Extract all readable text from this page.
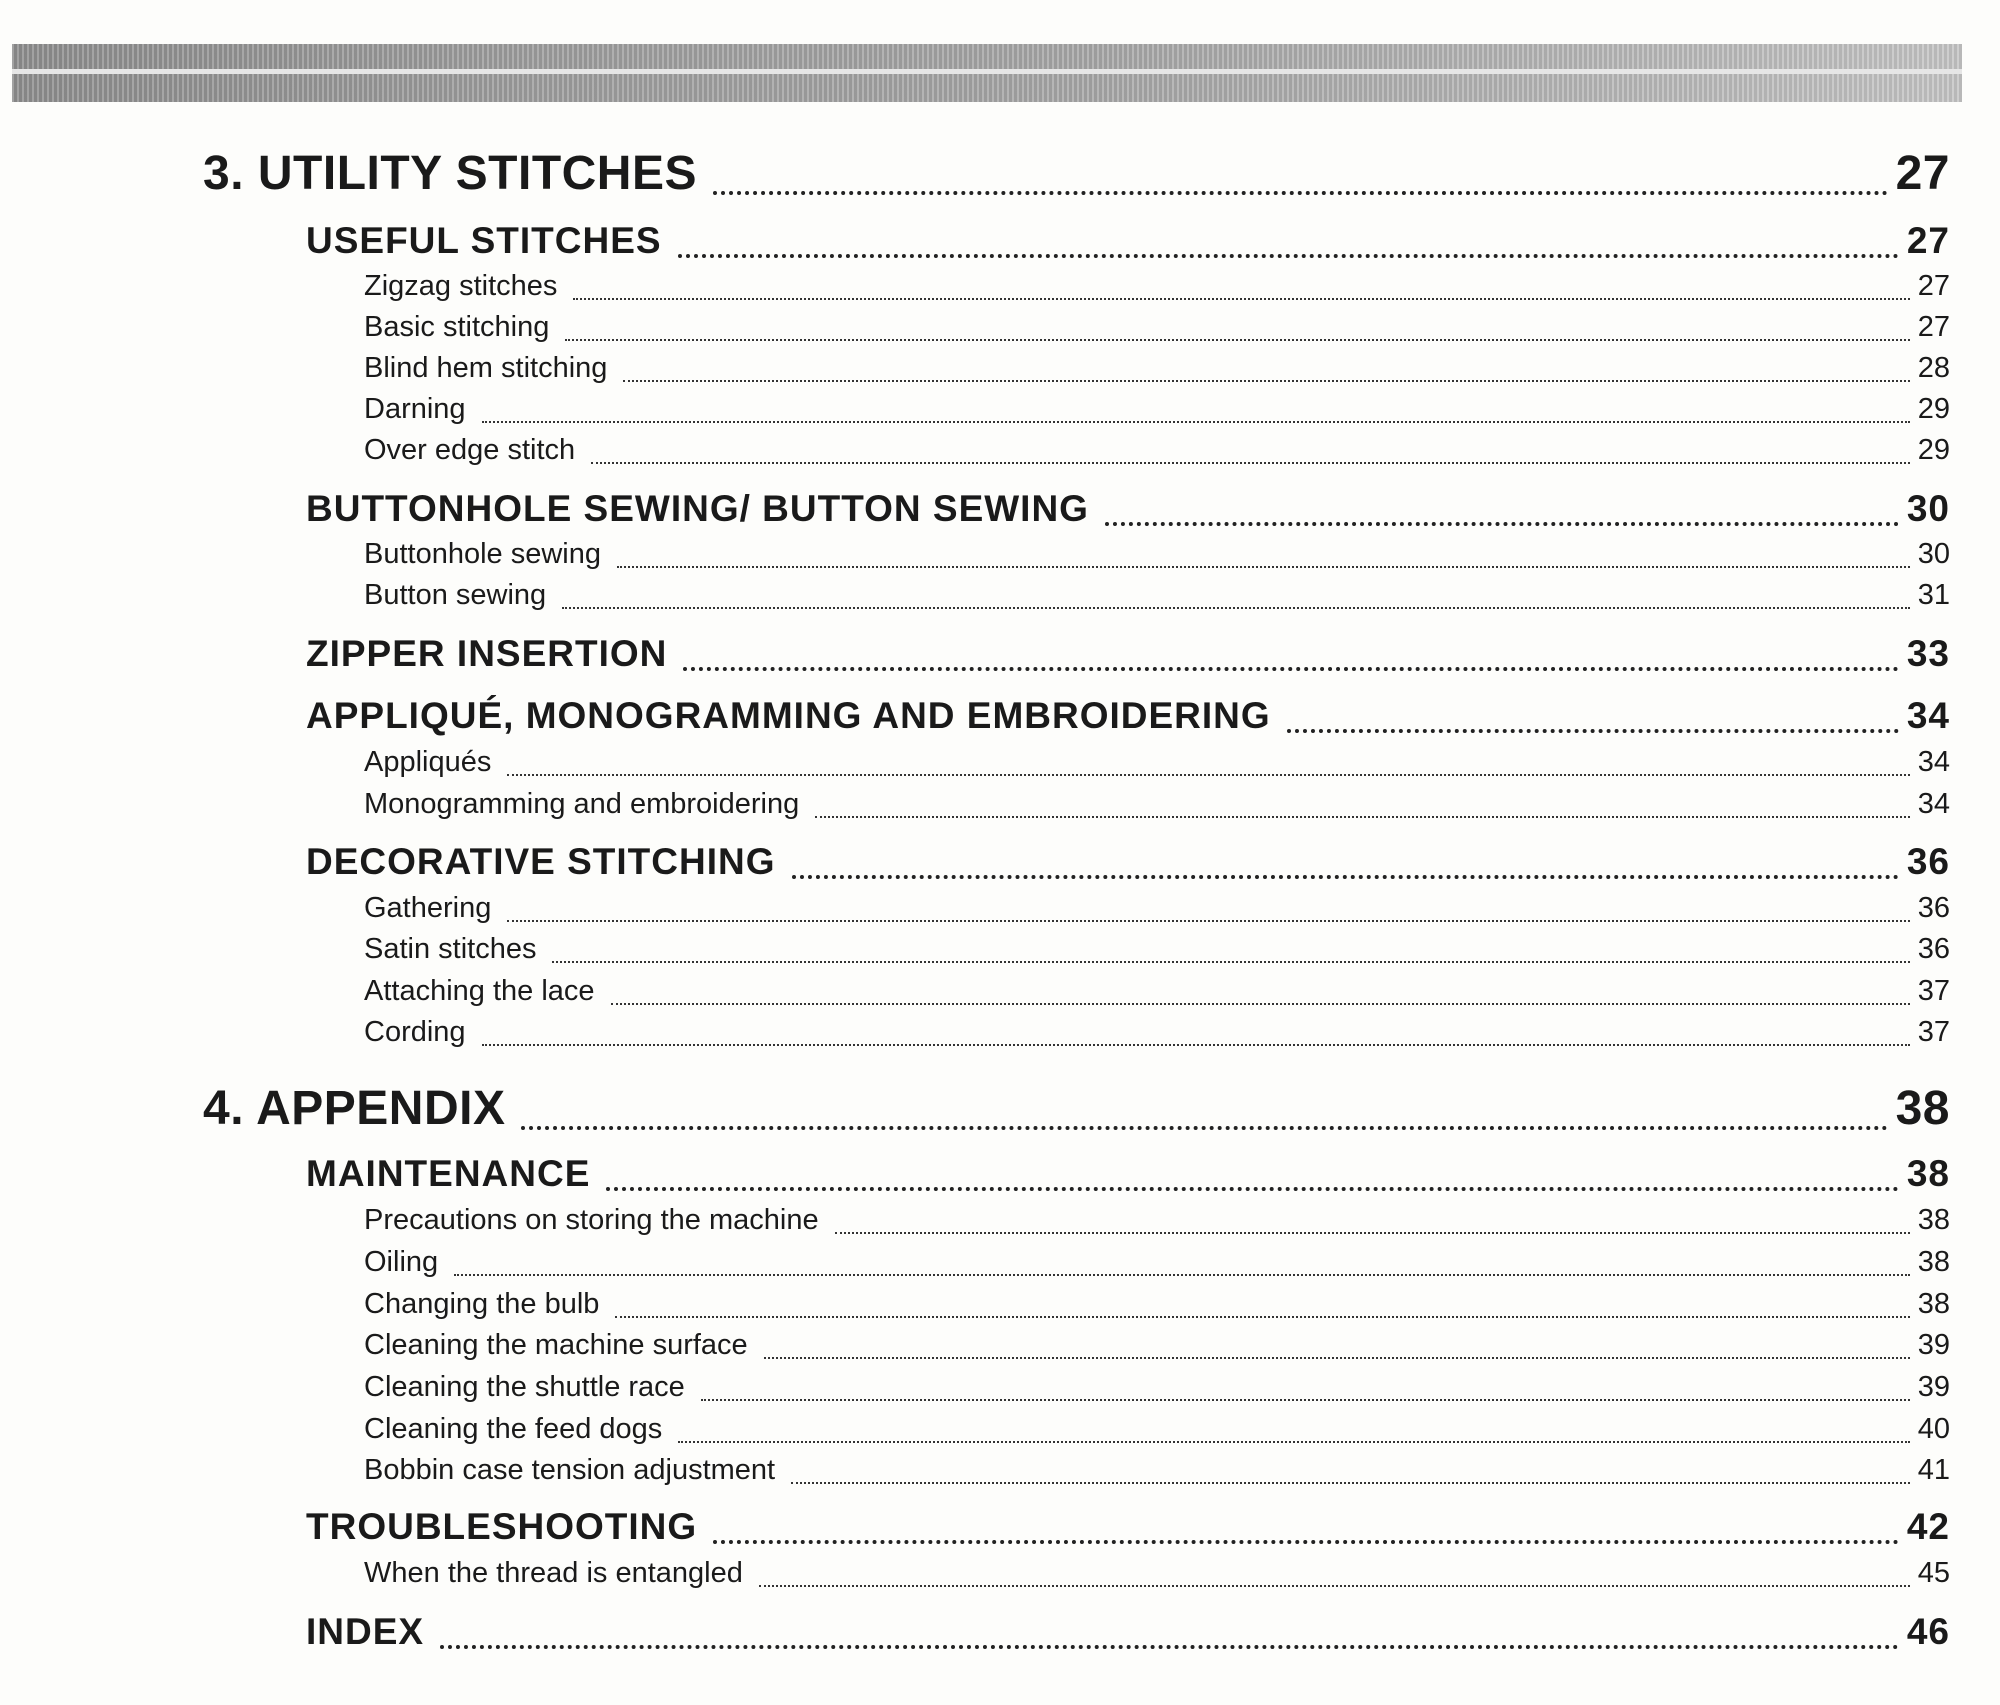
3. UTILITY STITCHES	27
USEFUL STITCHES	27
Zigzag stitches	27
Basic stitching	27
Blind hem stitching	28
Darning	29
Over edge stitch	29
BUTTONHOLE SEWING/ BUTTON SEWING	30
Buttonhole sewing	30
Button sewing	31
ZIPPER INSERTION	33
APPLIQUÉ, MONOGRAMMING AND EMBROIDERING	34
Appliqués	34
Monogramming and embroidering	34
DECORATIVE STITCHING	36
Gathering	36
Satin stitches	36
Attaching the lace	37
Cording	37
4. APPENDIX	38
MAINTENANCE	38
Precautions on storing the machine	38
Oiling	38
Changing the bulb	38
Cleaning the machine surface	39
Cleaning the shuttle race	39
Cleaning the feed dogs	40
Bobbin case tension adjustment	41
TROUBLESHOOTING	42
When the thread is entangled	45
INDEX	46
